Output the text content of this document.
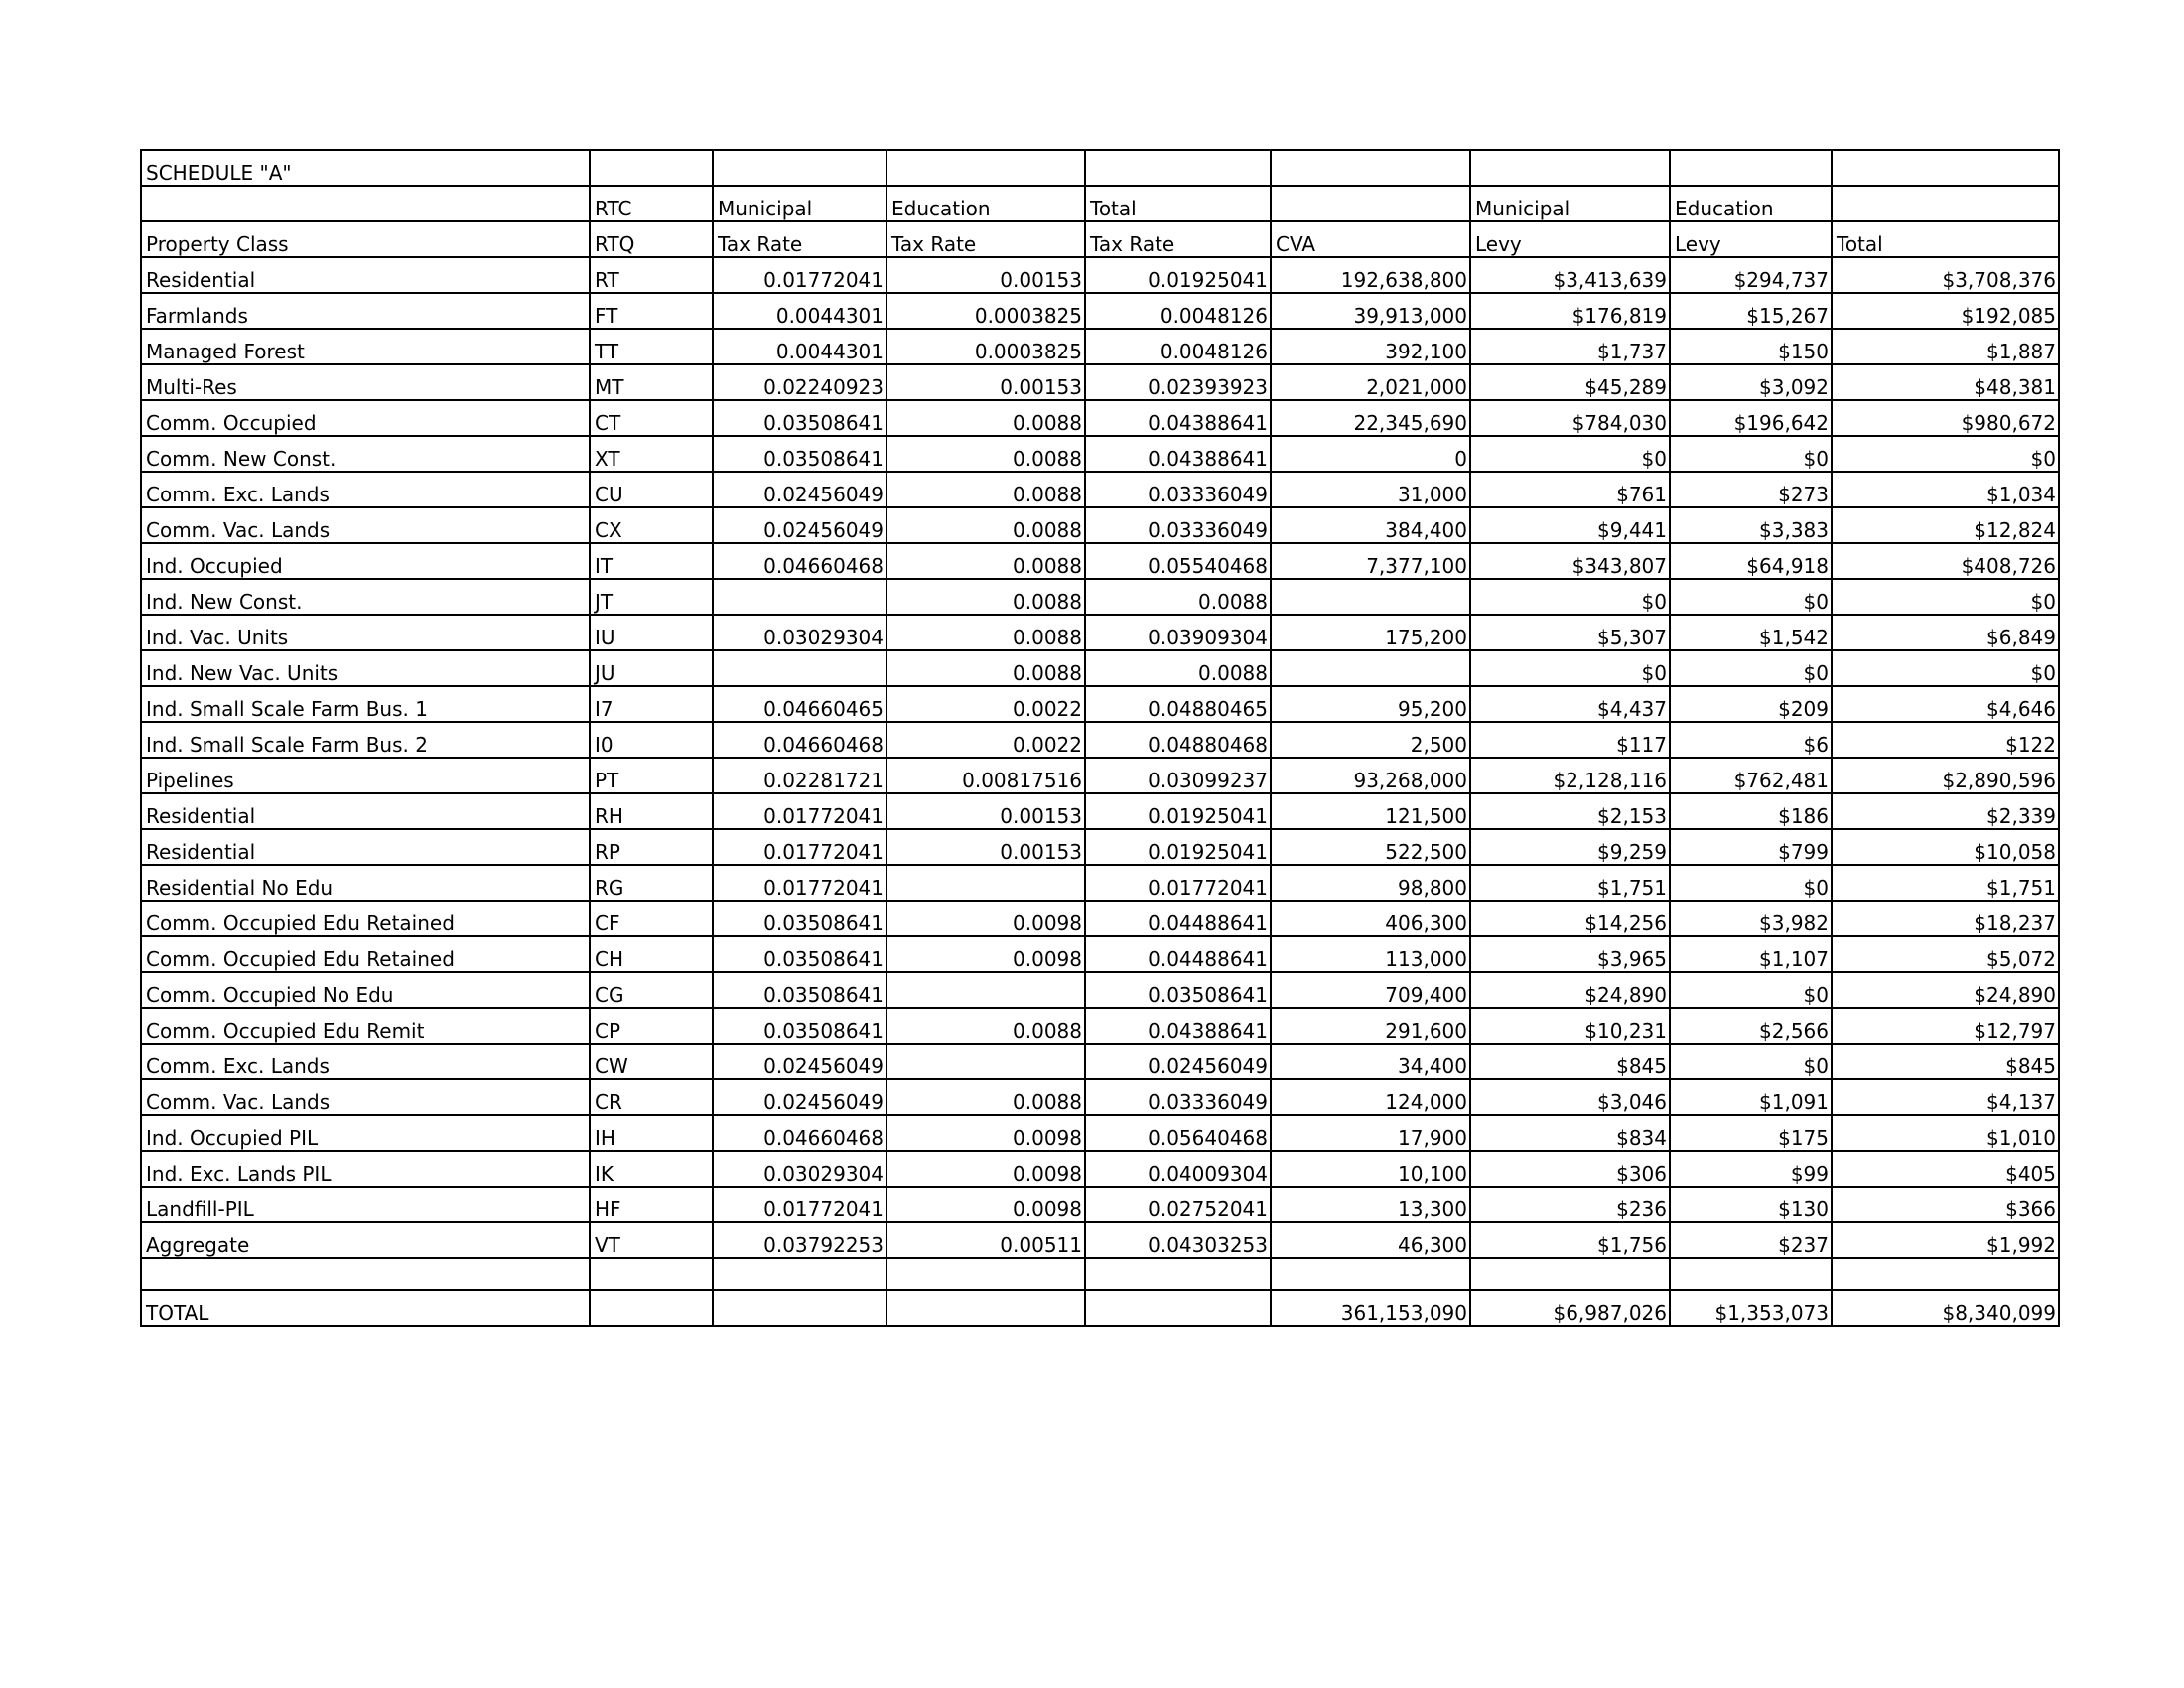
SCHEDULE "A"								
	RTC	Municipal	Education	Total		Municipal	Education	
Property Class	RTQ	Tax Rate	Tax Rate	Tax Rate	CVA	Levy	Levy	Total
Residential	RT	0.01772041	0.00153	0.01925041	192,638,800	$3,413,639	$294,737	$3,708,376
Farmlands	FT	0.0044301	0.0003825	0.0048126	39,913,000	$176,819	$15,267	$192,085
Managed Forest	TT	0.0044301	0.0003825	0.0048126	392,100	$1,737	$150	$1,887
Multi-Res	MT	0.02240923	0.00153	0.02393923	2,021,000	$45,289	$3,092	$48,381
Comm. Occupied	CT	0.03508641	0.0088	0.04388641	22,345,690	$784,030	$196,642	$980,672
Comm. New Const.	XT	0.03508641	0.0088	0.04388641	0	$0	$0	$0
Comm. Exc. Lands	CU	0.02456049	0.0088	0.03336049	31,000	$761	$273	$1,034
Comm. Vac. Lands	CX	0.02456049	0.0088	0.03336049	384,400	$9,441	$3,383	$12,824
Ind. Occupied	IT	0.04660468	0.0088	0.05540468	7,377,100	$343,807	$64,918	$408,726
Ind. New Const.	JT		0.0088	0.0088		$0	$0	$0
Ind. Vac. Units	IU	0.03029304	0.0088	0.03909304	175,200	$5,307	$1,542	$6,849
Ind. New Vac. Units	JU		0.0088	0.0088		$0	$0	$0
Ind. Small Scale Farm Bus. 1	I7	0.04660465	0.0022	0.04880465	95,200	$4,437	$209	$4,646
Ind. Small Scale Farm Bus. 2	I0	0.04660468	0.0022	0.04880468	2,500	$117	$6	$122
Pipelines	PT	0.02281721	0.00817516	0.03099237	93,268,000	$2,128,116	$762,481	$2,890,596
Residential	RH	0.01772041	0.00153	0.01925041	121,500	$2,153	$186	$2,339
Residential	RP	0.01772041	0.00153	0.01925041	522,500	$9,259	$799	$10,058
Residential No Edu	RG	0.01772041		0.01772041	98,800	$1,751	$0	$1,751
Comm. Occupied Edu Retained	CF	0.03508641	0.0098	0.04488641	406,300	$14,256	$3,982	$18,237
Comm. Occupied Edu Retained	CH	0.03508641	0.0098	0.04488641	113,000	$3,965	$1,107	$5,072
Comm. Occupied No Edu	CG	0.03508641		0.03508641	709,400	$24,890	$0	$24,890
Comm. Occupied Edu Remit	CP	0.03508641	0.0088	0.04388641	291,600	$10,231	$2,566	$12,797
Comm. Exc. Lands	CW	0.02456049		0.02456049	34,400	$845	$0	$845
Comm. Vac. Lands	CR	0.02456049	0.0088	0.03336049	124,000	$3,046	$1,091	$4,137
Ind. Occupied PIL	IH	0.04660468	0.0098	0.05640468	17,900	$834	$175	$1,010
Ind. Exc. Lands PIL	IK	0.03029304	0.0098	0.04009304	10,100	$306	$99	$405
Landfill-PIL	HF	0.01772041	0.0098	0.02752041	13,300	$236	$130	$366
Aggregate	VT	0.03792253	0.00511	0.04303253	46,300	$1,756	$237	$1,992

TOTAL					361,153,090	$6,987,026	$1,353,073	$8,340,099
